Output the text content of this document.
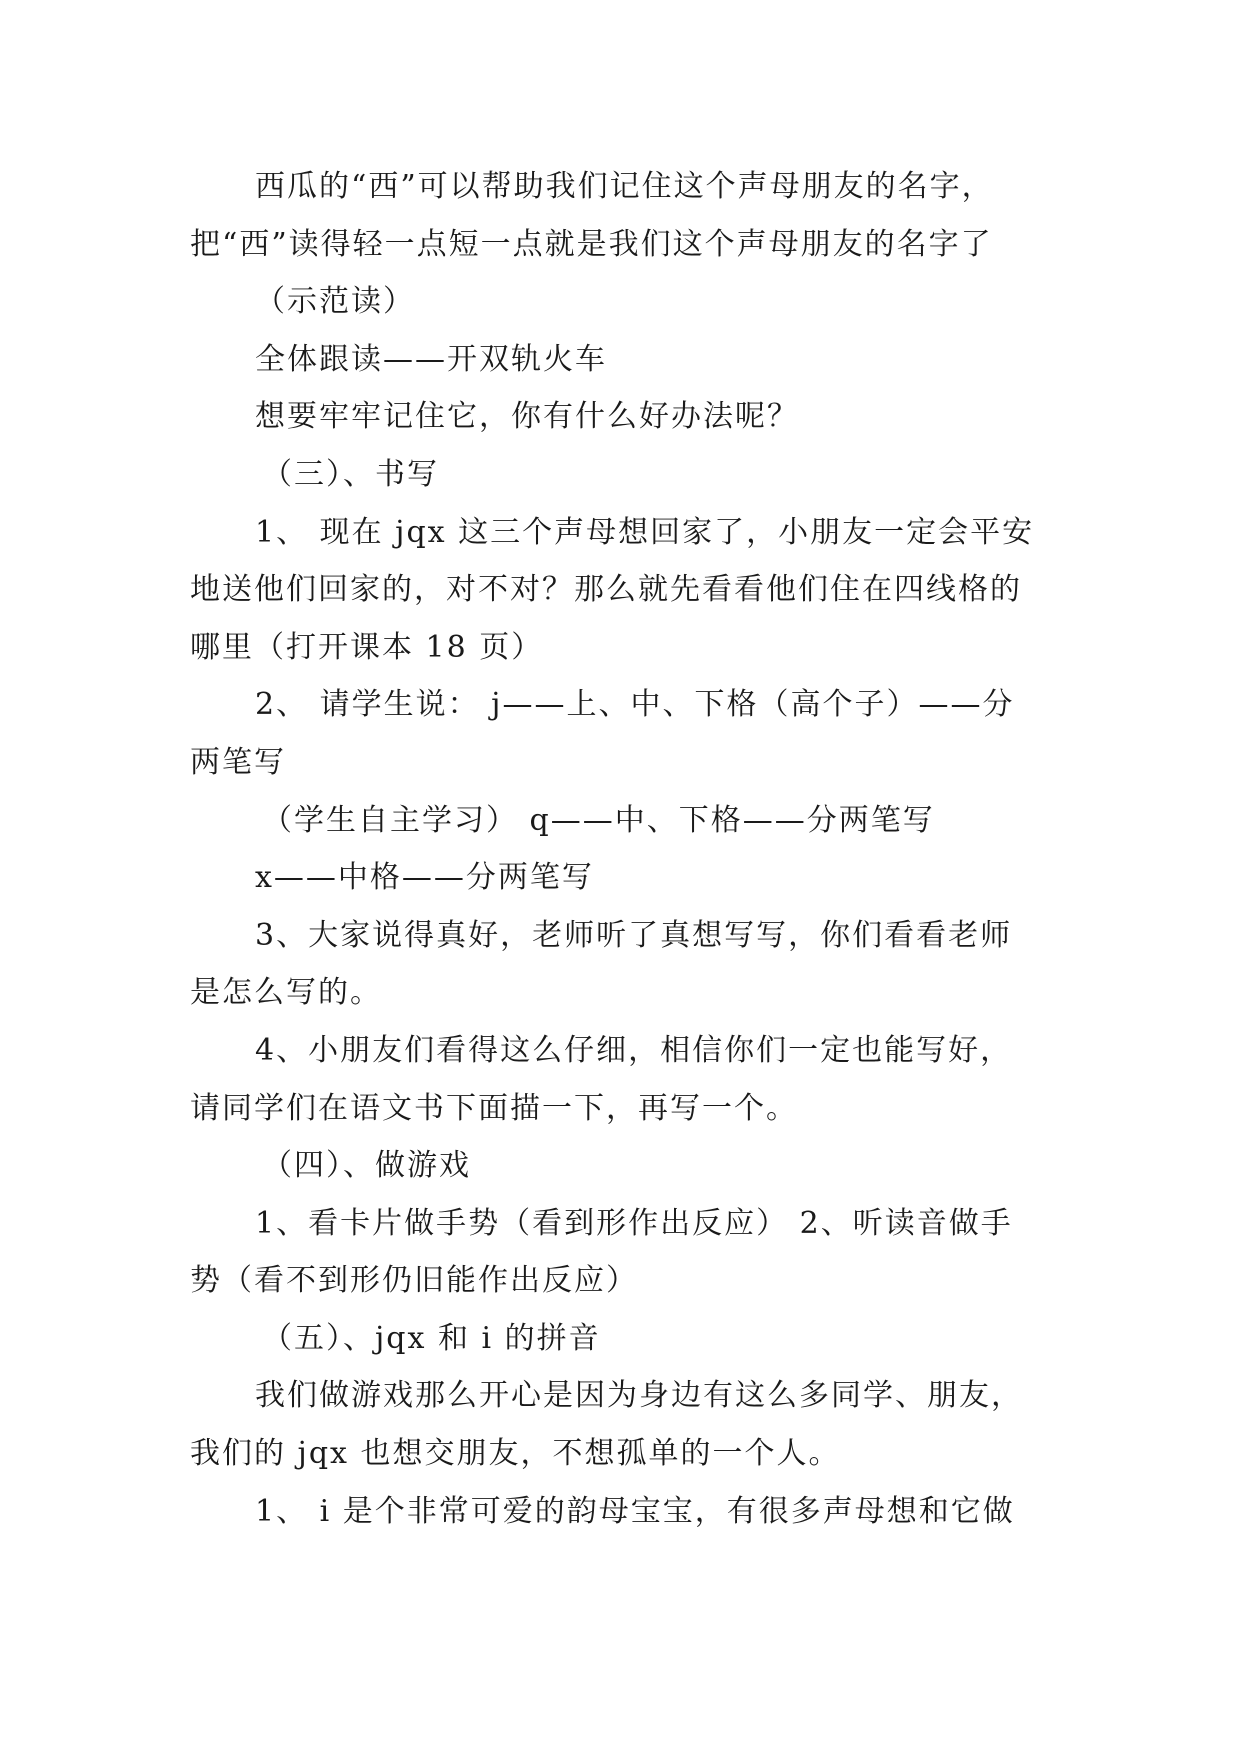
西瓜的“西”可以帮助我们记住这个声母朋友的名字，
把“西”读得轻一点短一点就是我们这个声母朋友的名字了

（示范读）

全体跟读——开双轨火车

想要牢牢记住它，你有什么好办法呢？

（三）、书写

1、 现在 jqx 这三个声母想回家了，小朋友一定会平安
地送他们回家的，对不对？那么就先看看他们住在四线格的
哪里（打开课本 18 页）

2、 请学生说： j——上、中、下格（高个子）——分
两笔写

（学生自主学习） q——中、下格——分两笔写

x——中格——分两笔写

3、大家说得真好，老师听了真想写写，你们看看老师
是怎么写的。

4、小朋友们看得这么仔细，相信你们一定也能写好，
请同学们在语文书下面描一下，再写一个。

（四）、做游戏

1、看卡片做手势（看到形作出反应） 2、听读音做手
势（看不到形仍旧能作出反应）

（五）、jqx 和 i 的拼音

我们做游戏那么开心是因为身边有这么多同学、朋友，
我们的 jqx 也想交朋友，不想孤单的一个人。

1、 i 是个非常可爱的韵母宝宝，有很多声母想和它做
